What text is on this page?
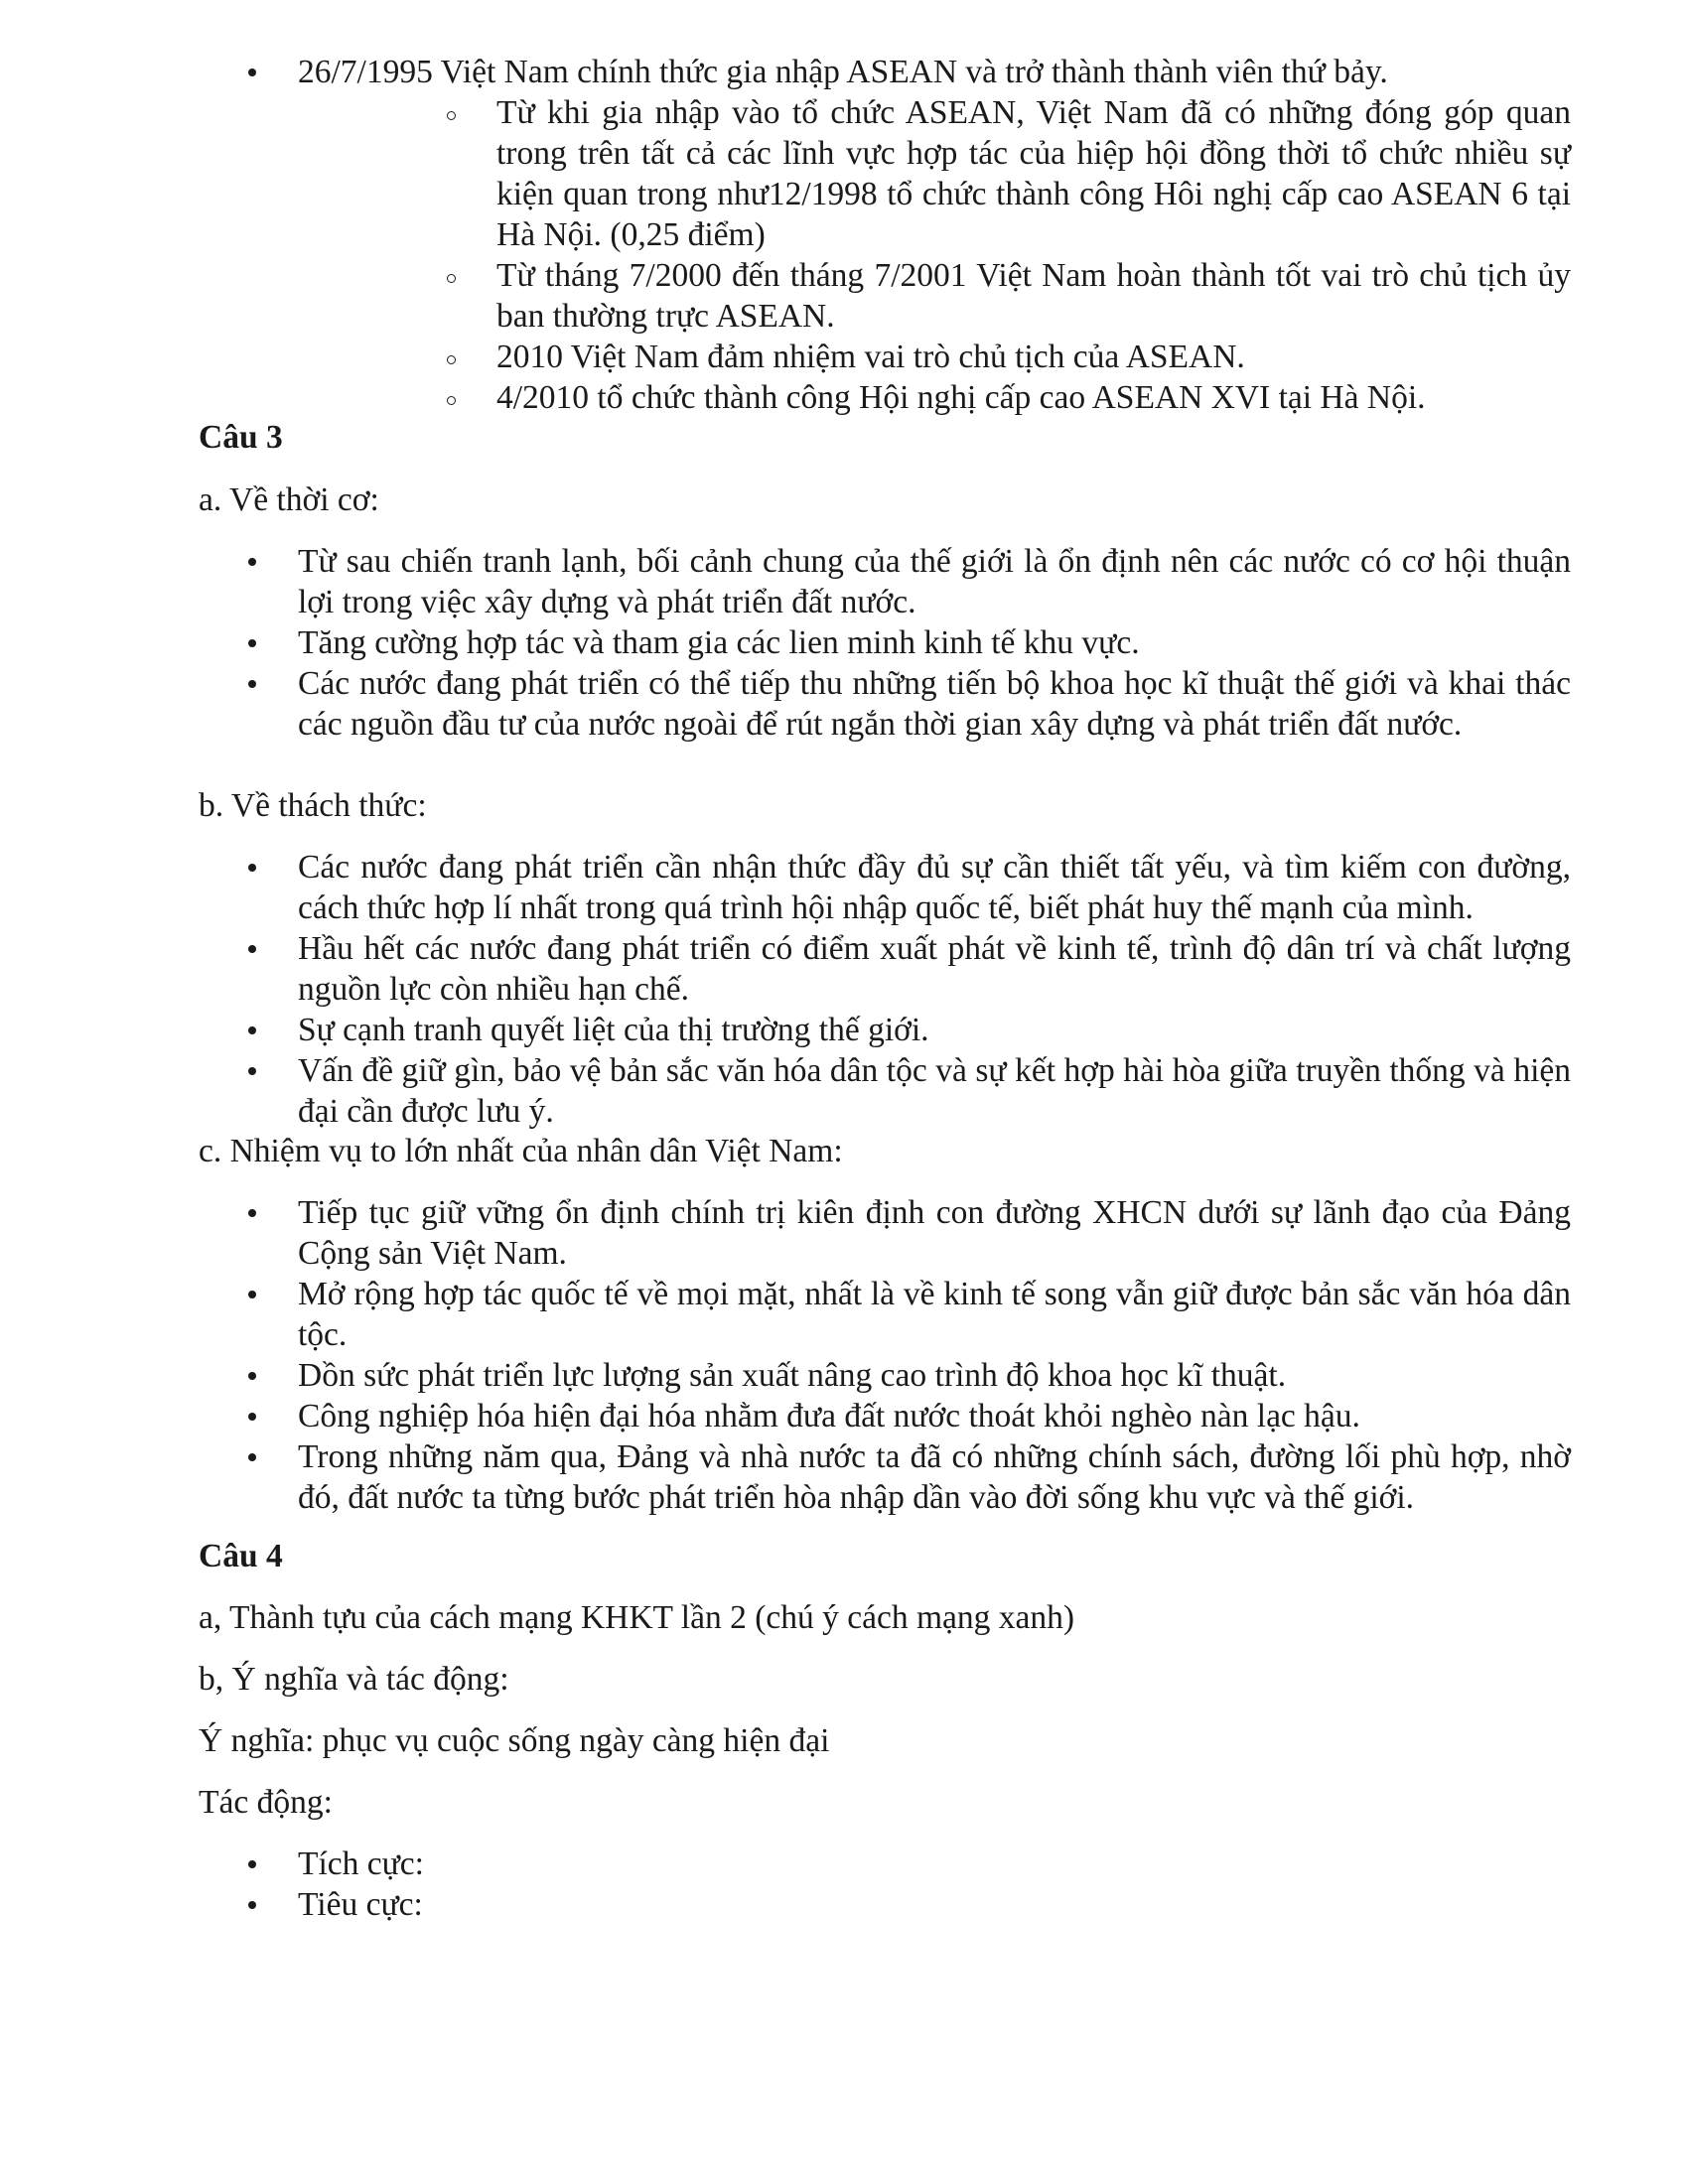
26/7/1995 Việt Nam chính thức gia nhập ASEAN và trở thành thành viên thứ bảy.
Từ khi gia nhập vào tổ chức ASEAN, Việt Nam đã có những đóng góp quan trong trên tất cả các lĩnh vực hợp tác của hiệp hội đồng thời tổ chức nhiều sự kiện quan trong như12/1998 tổ chức thành công Hôi nghị cấp cao ASEAN 6 tại Hà Nội. (0,25 điểm)
Từ tháng 7/2000 đến tháng 7/2001 Việt Nam hoàn thành tốt vai trò chủ tịch ủy ban thường trực ASEAN.
2010 Việt Nam đảm nhiệm vai trò chủ tịch của ASEAN.
4/2010 tổ chức thành công Hội nghị cấp cao ASEAN XVI tại Hà Nội.
Câu 3
a. Về thời cơ:
Từ sau chiến tranh lạnh, bối cảnh chung của thế giới là ổn định nên các nước có cơ hội thuận lợi trong việc xây dựng và phát triển đất nước.
Tăng cường hợp tác và tham gia các lien minh kinh tế khu vực.
Các nước đang phát triển có thể tiếp thu những tiến bộ khoa học kĩ thuật thế giới và khai thác các nguồn đầu tư của nước ngoài để rút ngắn thời gian xây dựng và phát triển đất nước.
b. Về thách thức:
Các nước đang phát triển cần nhận thức đầy đủ sự cần thiết tất yếu, và tìm kiếm con đường, cách thức hợp lí nhất trong quá trình hội nhập quốc tế, biết phát huy thế mạnh của mình.
Hầu hết các nước đang phát triển có điểm xuất phát về kinh tế, trình độ dân trí và chất lượng nguồn lực còn nhiều hạn chế.
Sự cạnh tranh quyết liệt của thị trường thế giới.
Vấn đề giữ gìn, bảo vệ bản sắc văn hóa dân tộc và sự kết hợp hài hòa giữa truyền thống và hiện đại cần được lưu ý.
c. Nhiệm vụ to lớn nhất của nhân dân Việt Nam:
Tiếp tục giữ vững ổn định chính trị kiên định con đường XHCN dưới sự lãnh đạo của Đảng Cộng sản Việt Nam.
Mở rộng hợp tác quốc tế về mọi mặt, nhất là về kinh tế song vẫn giữ được bản sắc văn hóa dân tộc.
Dồn sức phát triển lực lượng sản xuất nâng cao trình độ khoa học kĩ thuật.
Công nghiệp hóa hiện đại hóa nhằm đưa đất nước thoát khỏi nghèo nàn lạc hậu.
Trong những năm qua, Đảng và nhà nước ta đã có những chính sách, đường lối phù hợp, nhờ đó, đất nước ta từng bước phát triển hòa nhập dần vào đời sống khu vực và thế giới.
Câu 4
a, Thành tựu của cách mạng KHKT lần 2 (chú ý cách mạng xanh)
b, Ý nghĩa và tác động:
Ý nghĩa: phục vụ cuộc sống ngày càng hiện đại
Tác động:
Tích cực:
Tiêu cực:
